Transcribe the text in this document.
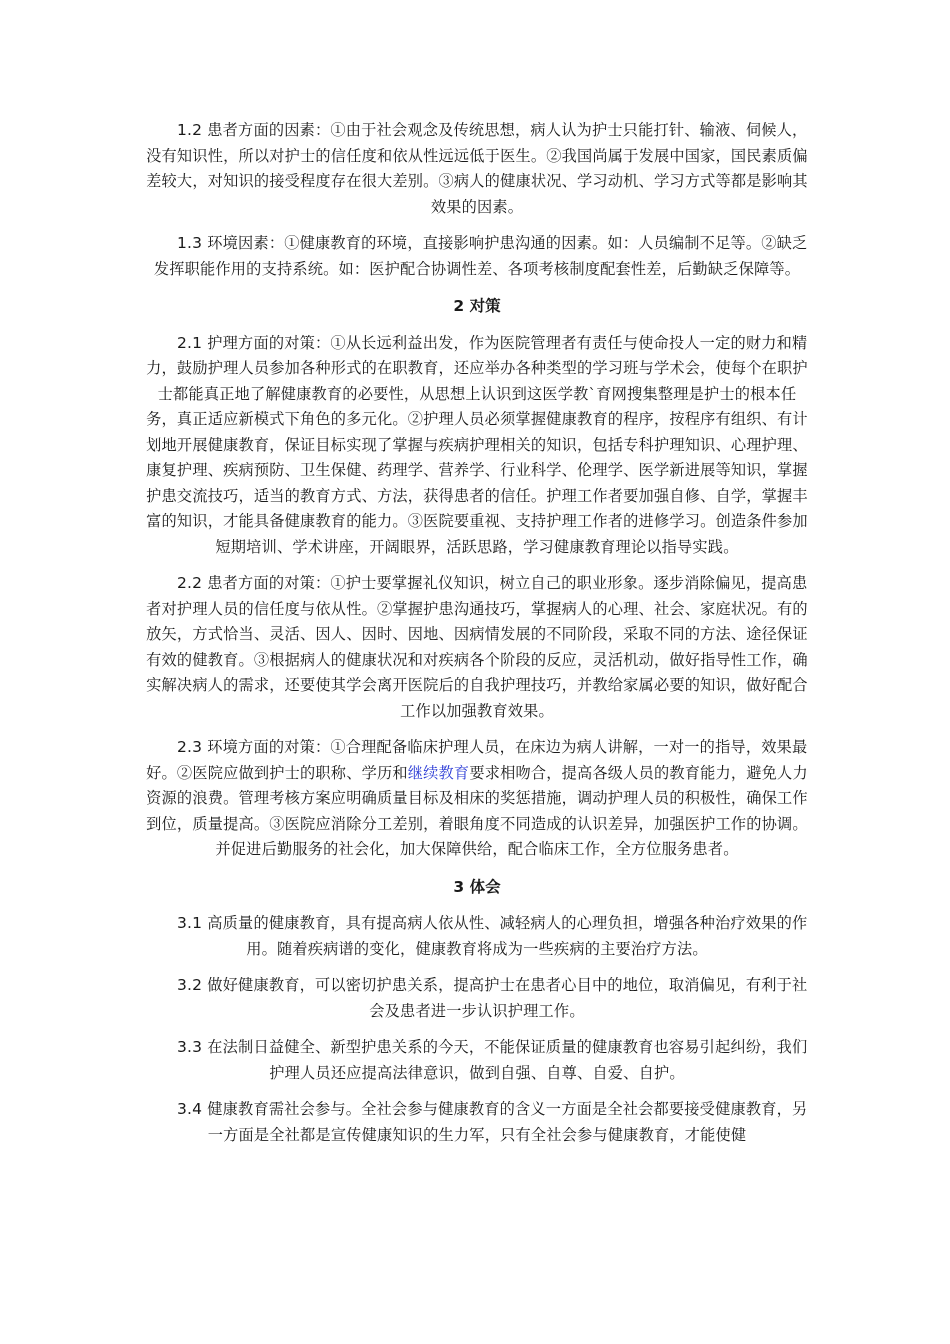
1.2 患者方面的因素：①由于社会观念及传统思想，病人认为护士只能打针、输液、伺候人，没有知识性，所以对护士的信任度和依从性远远低于医生。②我国尚属于发展中国家，国民素质偏差较大，对知识的接受程度存在很大差别。③病人的健康状况、学习动机、学习方式等都是影响其效果的因素。

1.3 环境因素：①健康教育的环境，直接影响护患沟通的因素。如：人员编制不足等。②缺乏发挥职能作用的支持系统。如：医护配合协调性差、各项考核制度配套性差，后勤缺乏保障等。

2 对策

2.1 护理方面的对策：①从长远利益出发，作为医院管理者有责任与使命投人一定的财力和精力，鼓励护理人员参加各种形式的在职教育，还应举办各种类型的学习班与学术会，使每个在职护士都能真正地了解健康教育的必要性，从思想上认识到这医学教`育网搜集整理是护士的根本任务，真正适应新模式下角色的多元化。②护理人员必须掌握健康教育的程序，按程序有组织、有计划地开展健康教育，保证目标实现了掌握与疾病护理相关的知识，包括专科护理知识、心理护理、康复护理、疾病预防、卫生保健、药理学、营养学、行业科学、伦理学、医学新进展等知识，掌握护患交流技巧，适当的教育方式、方法，获得患者的信任。护理工作者要加强自修、自学，掌握丰富的知识，才能具备健康教育的能力。③医院要重视、支持护理工作者的进修学习。创造条件参加短期培训、学术讲座，开阔眼界，活跃思路，学习健康教育理论以指导实践。

2.2 患者方面的对策：①护士要掌握礼仪知识，树立自己的职业形象。逐步消除偏见，提高患者对护理人员的信任度与依从性。②掌握护患沟通技巧，掌握病人的心理、社会、家庭状况。有的放矢，方式恰当、灵活、因人、因时、因地、因病情发展的不同阶段，采取不同的方法、途径保证有效的健教育。③根据病人的健康状况和对疾病各个阶段的反应，灵活机动，做好指导性工作，确实解决病人的需求，还要使其学会离开医院后的自我护理技巧，并教给家属必要的知识，做好配合工作以加强教育效果。

2.3 环境方面的对策：①合理配备临床护理人员，在床边为病人讲解，一对一的指导，效果最好。②医院应做到护士的职称、学历和继续教育要求相吻合，提高各级人员的教育能力，避免人力资源的浪费。管理考核方案应明确质量目标及相床的奖惩措施，调动护理人员的积极性，确保工作到位，质量提高。③医院应消除分工差别，着眼角度不同造成的认识差异，加强医护工作的协调。并促进后勤服务的社会化，加大保障供给，配合临床工作，全方位服务患者。

3 体会

3.1 高质量的健康教育，具有提高病人依从性、减轻病人的心理负担，增强各种治疗效果的作用。随着疾病谱的变化，健康教育将成为一些疾病的主要治疗方法。

3.2 做好健康教育，可以密切护患关系，提高护士在患者心目中的地位，取消偏见，有利于社会及患者进一步认识护理工作。

3.3 在法制日益健全、新型护患关系的今天，不能保证质量的健康教育也容易引起纠纷，我们护理人员还应提高法律意识，做到自强、自尊、自爱、自护。

3.4 健康教育需社会参与。全社会参与健康教育的含义一方面是全社会都要接受健康教育，另一方面是全社都是宣传健康知识的生力军，只有全社会参与健康教育，才能使健
